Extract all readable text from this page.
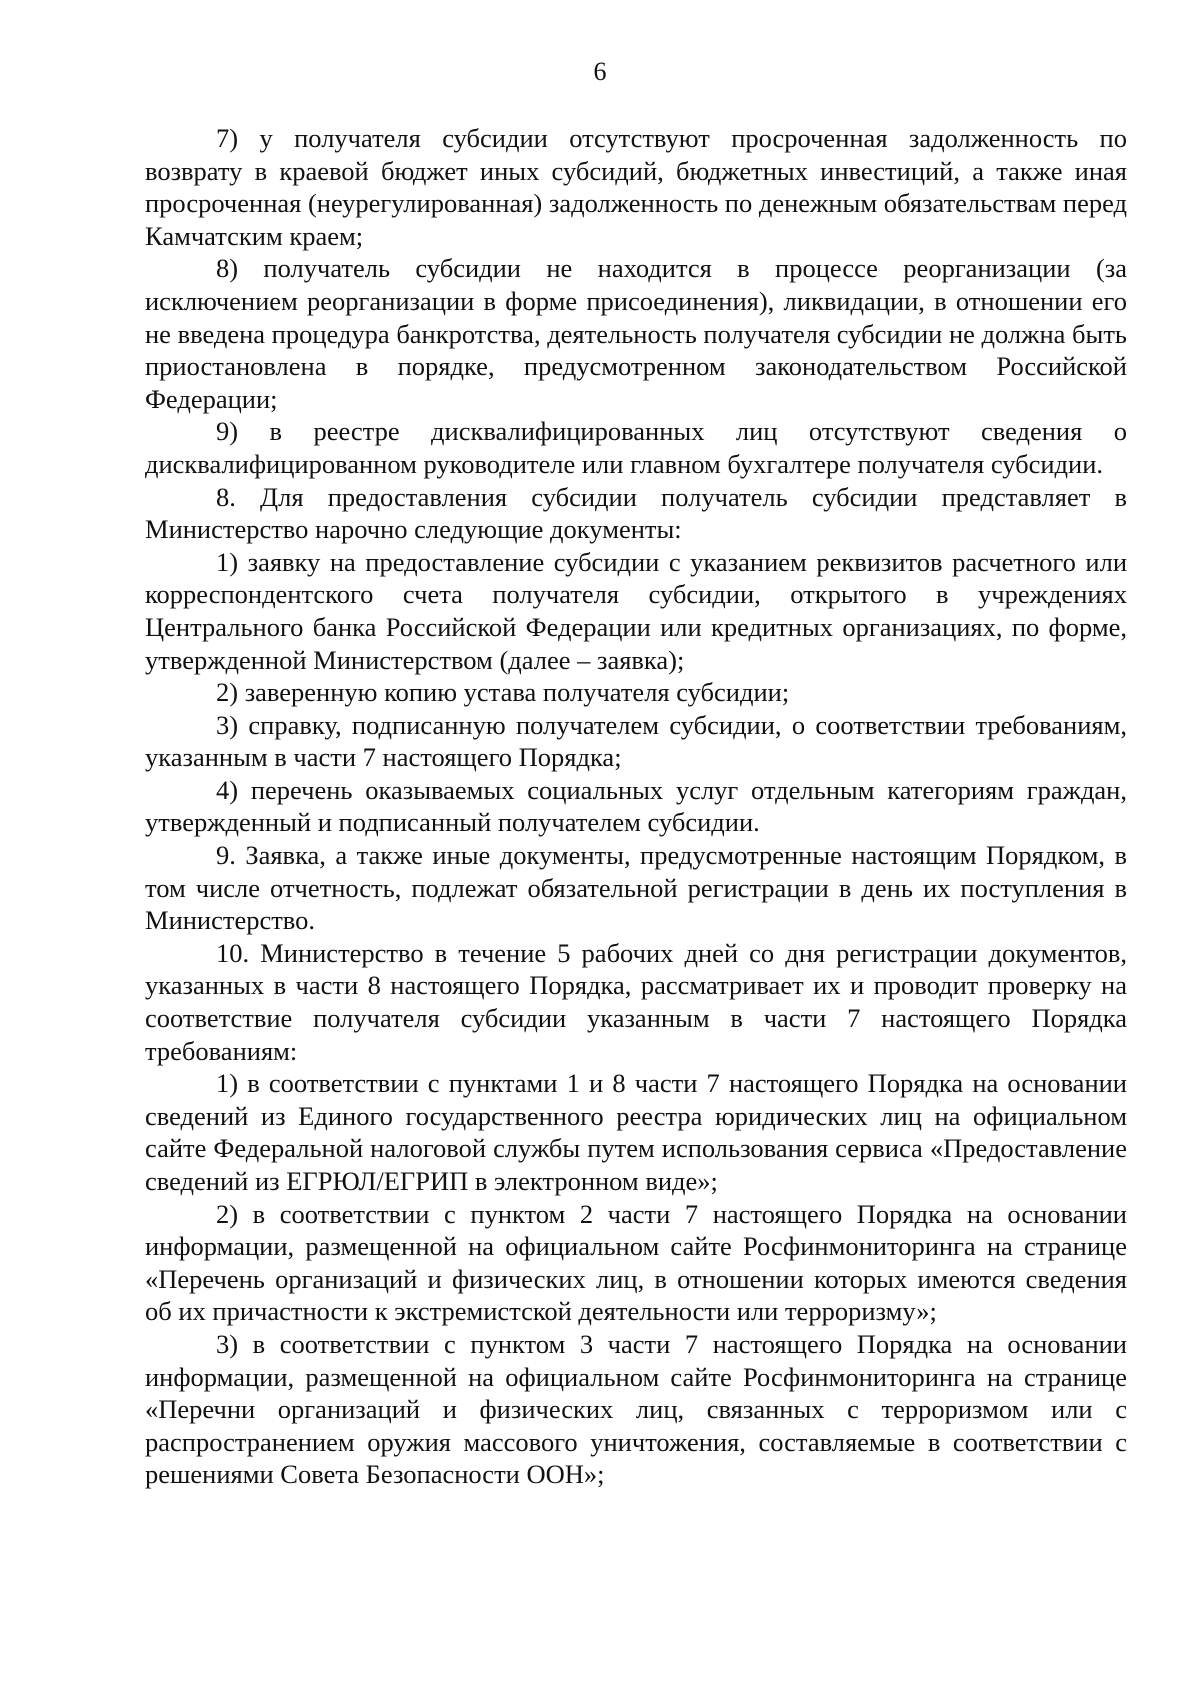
6

7) у получателя субсидии отсутствуют просроченная задолженность по возврату в краевой бюджет иных субсидий, бюджетных инвестиций, а также иная просроченная (неурегулированная) задолженность по денежным обязательствам перед Камчатским краем;

8) получатель субсидии не находится в процессе реорганизации (за исключением реорганизации в форме присоединения), ликвидации, в отношении его не введена процедура банкротства, деятельность получателя субсидии не должна быть приостановлена в порядке, предусмотренном законодательством Российской Федерации;

9) в реестре дисквалифицированных лиц отсутствуют сведения о дисквалифицированном руководителе или главном бухгалтере получателя субсидии.

8. Для предоставления субсидии получатель субсидии представляет в Министерство нарочно следующие документы:

1) заявку на предоставление субсидии с указанием реквизитов расчетного или корреспондентского счета получателя субсидии, открытого в учреждениях Центрального банка Российской Федерации или кредитных организациях, по форме, утвержденной Министерством (далее – заявка);

2) заверенную копию устава получателя субсидии;

3) справку, подписанную получателем субсидии, о соответствии требованиям, указанным в части 7 настоящего Порядка;

4) перечень оказываемых социальных услуг отдельным категориям граждан, утвержденный и подписанный получателем субсидии.

9. Заявка, а также иные документы, предусмотренные настоящим Порядком, в том числе отчетность, подлежат обязательной регистрации в день их поступления в Министерство.

10. Министерство в течение 5 рабочих дней со дня регистрации документов, указанных в части 8 настоящего Порядка, рассматривает их и проводит проверку на соответствие получателя субсидии указанным в части 7 настоящего Порядка требованиям:

1) в соответствии с пунктами 1 и 8 части 7 настоящего Порядка на основании сведений из Единого государственного реестра юридических лиц на официальном сайте Федеральной налоговой службы путем использования сервиса «Предоставление сведений из ЕГРЮЛ/ЕГРИП в электронном виде»;

2) в соответствии с пунктом 2 части 7 настоящего Порядка на основании информации, размещенной на официальном сайте Росфинмониторинга на странице «Перечень организаций и физических лиц, в отношении которых имеются сведения об их причастности к экстремистской деятельности или терроризму»;

3) в соответствии с пунктом 3 части 7 настоящего Порядка на основании информации, размещенной на официальном сайте Росфинмониторинга на странице «Перечни организаций и физических лиц, связанных с терроризмом или с распространением оружия массового уничтожения, составляемые в соответствии с решениями Совета Безопасности ООН»;
